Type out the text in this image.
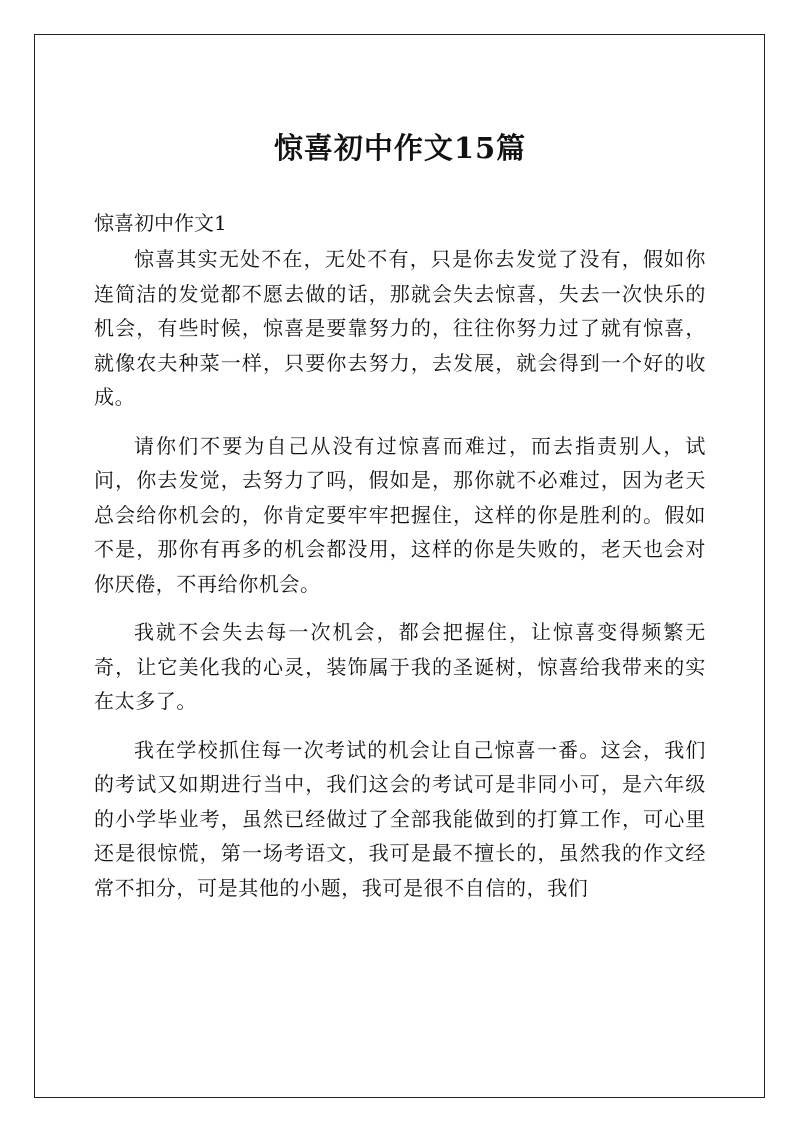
惊喜初中作文15篇
惊喜初中作文1

惊喜其实无处不在，无处不有，只是你去发觉了没有，假如你连简洁的发觉都不愿去做的话，那就会失去惊喜，失去一次快乐的机会，有些时候，惊喜是要靠努力的，往往你努力过了就有惊喜，就像农夫种菜一样，只要你去努力，去发展，就会得到一个好的收成。

请你们不要为自己从没有过惊喜而难过，而去指责别人，试问，你去发觉，去努力了吗，假如是，那你就不必难过，因为老天总会给你机会的，你肯定要牢牢把握住，这样的你是胜利的。假如不是，那你有再多的机会都没用，这样的你是失败的，老天也会对你厌倦，不再给你机会。

我就不会失去每一次机会，都会把握住，让惊喜变得频繁无奇，让它美化我的心灵，装饰属于我的圣诞树，惊喜给我带来的实在太多了。

我在学校抓住每一次考试的机会让自己惊喜一番。这会，我们的考试又如期进行当中，我们这会的考试可是非同小可，是六年级的小学毕业考，虽然已经做过了全部我能做到的打算工作，可心里还是很惊慌，第一场考语文，我可是最不擅长的，虽然我的作文经常不扣分，可是其他的小题，我可是很不自信的，我们
